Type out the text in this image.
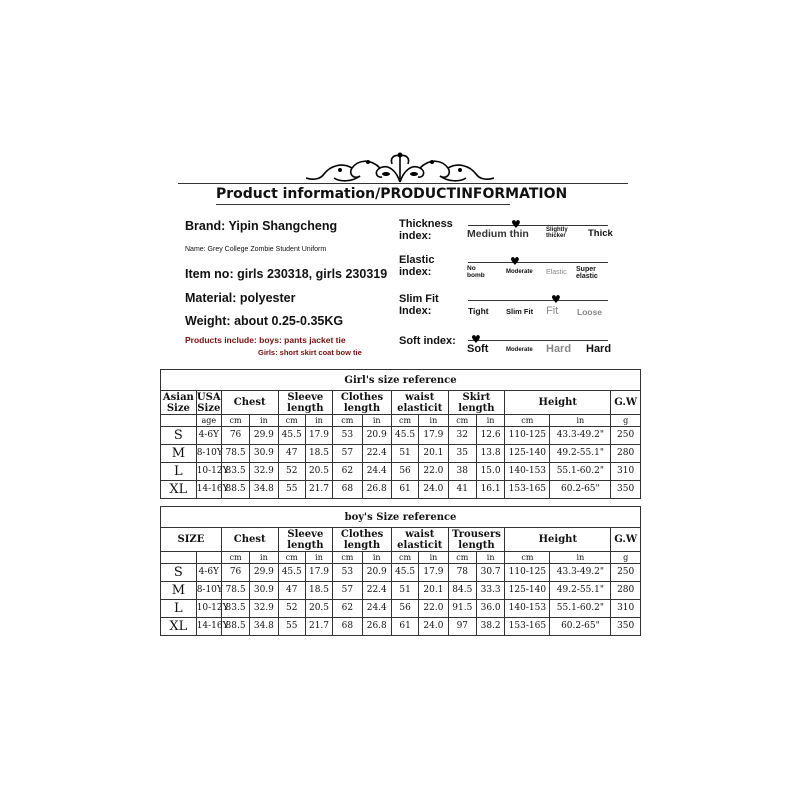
Product information/PRODUCTINFORMATION
Brand: Yipin Shangcheng
Name: Grey College Zombie Student Uniform
Item no: girls 230318, girls 230319
Material: polyester
Weight: about 0.25-0.35KG
Products include: boys: pants jacket tie
Girls: short skirt coat bow tie
Thickness
index:
♥
Medium thin	Slightly thicker	Thick
Elastic
index:
♥
No bomb	Moderate Elastic Super elastic
Slim Fit
Index:
♥
Tight Slim Fit Fit Loose
Soft index: ♥
Soft	Moderate Hard Hard
Girl's size reference														
Asian Size	USA Size	Chest		Sleeve length		Clothes length		waist elasticit		Skirt length		Height		G.W
	age	cm	in	cm	in	cm	in	cm	in	cm	in	cm	in	g
S	4-6Y	76	29.9	45.5	17.9	53	20.9	45.5	17.9	32	12.6	110-125	43.3-49.2"	250
M	8-10Y	78.5	30.9	47	18.5	57	22.4	51	20.1	35	13.8	125-140	49.2-55.1"	280
L	10-12Y	83.5	32.9	52	20.5	62	24.4	56	22.0	38	15.0	140-153	55.1-60.2"	310
XL	14-16Y	88.5	34.8	55	21.7	68	26.8	61	24.0	41	16.1	153-165	60.2-65"	350
boy's Size reference														
SIZE		Chest		Sleeve length		Clothes length		waist elasticit		Trousers length		Height		G.W
		cm	in	cm	in	cm	in	cm	in	cm	in	cm	in	g
S	4-6Y	76	29.9	45.5	17.9	53	20.9	45.5	17.9	78	30.7	110-125	43.3-49.2"	250
M	8-10Y	78.5	30.9	47	18.5	57	22.4	51	20.1	84.5	33.3	125-140	49.2-55.1"	280
L	10-12Y	83.5	32.9	52	20.5	62	24.4	56	22.0	91.5	36.0	140-153	55.1-60.2"	310
XL	14-16Y	88.5	34.8	55	21.7	68	26.8	61	24.0	97	38.2	153-165	60.2-65"	350
